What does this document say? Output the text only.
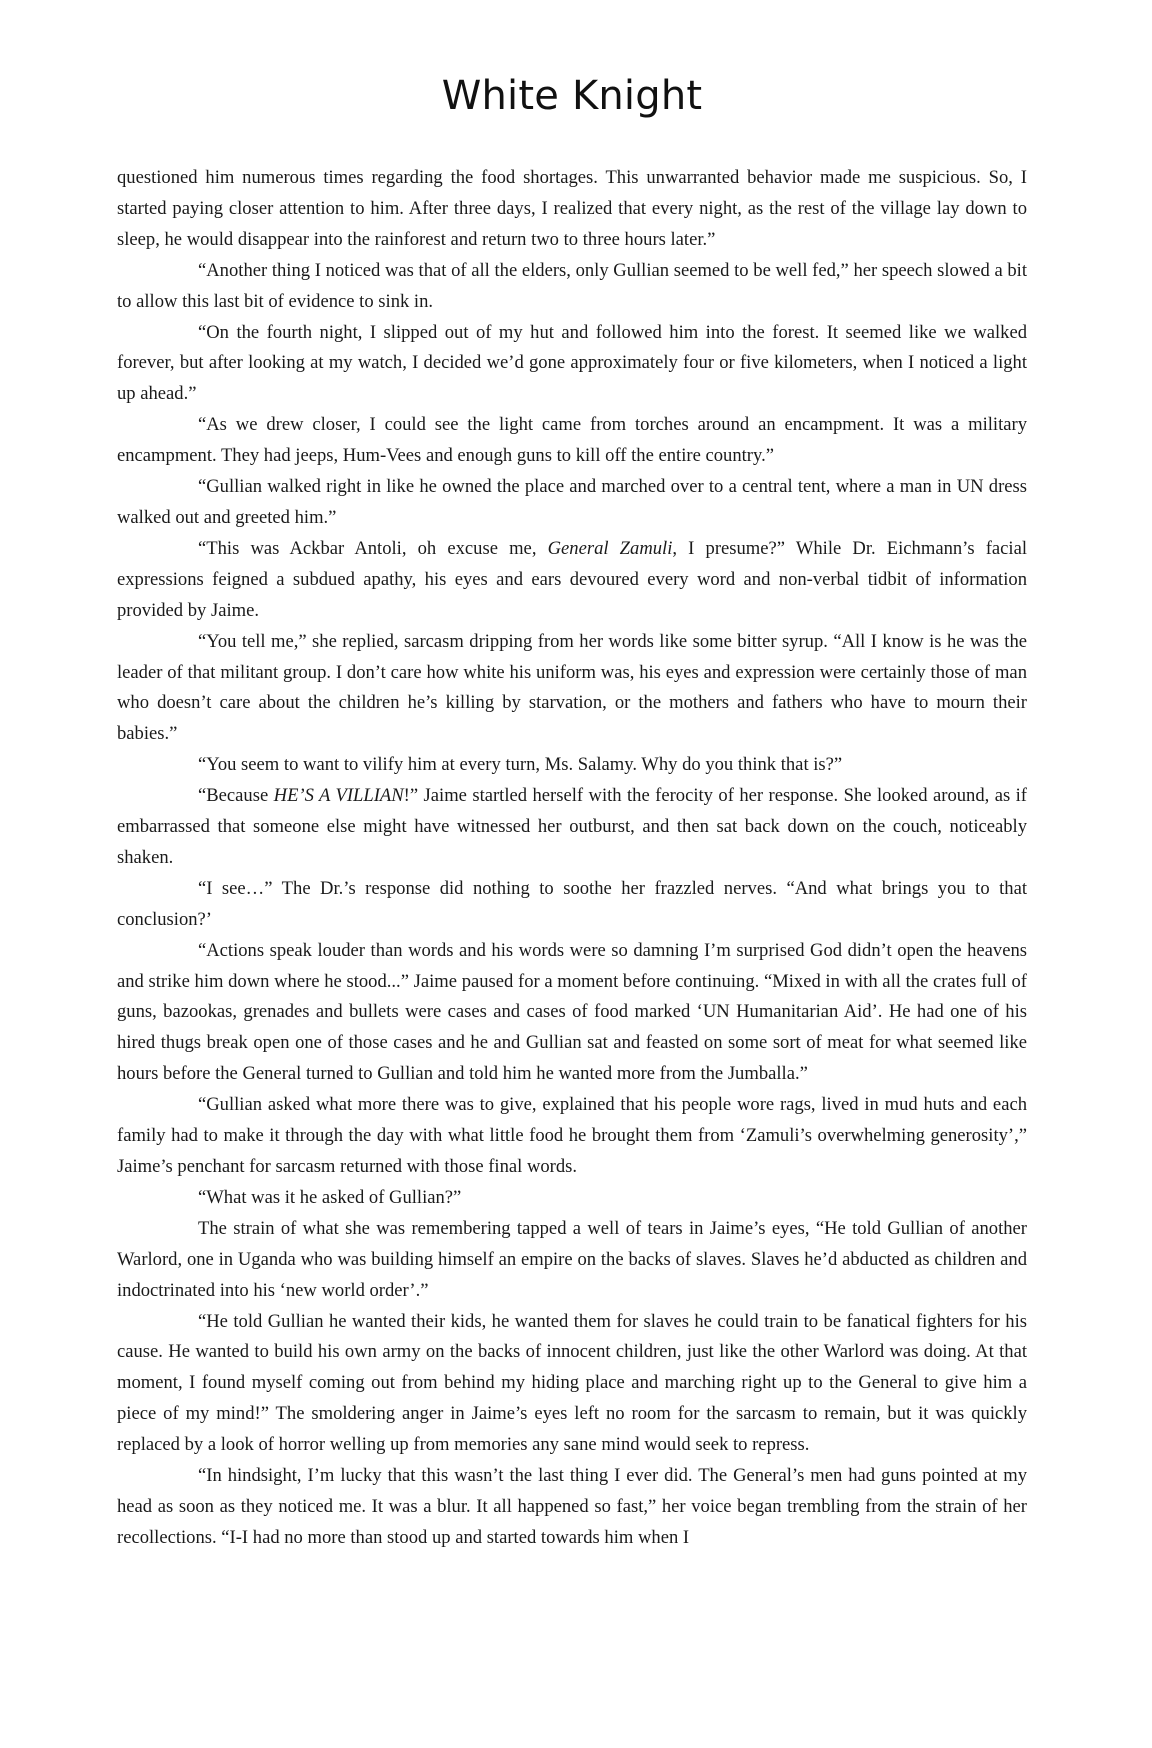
White Knight

questioned him numerous times regarding the food shortages. This unwarranted behavior made me suspicious. So, I started paying closer attention to him. After three days, I realized that every night, as the rest of the village lay down to sleep, he would disappear into the rainforest and return two to three hours later.”

“Another thing I noticed was that of all the elders, only Gullian seemed to be well fed,” her speech slowed a bit to allow this last bit of evidence to sink in.

“On the fourth night, I slipped out of my hut and followed him into the forest. It seemed like we walked forever, but after looking at my watch, I decided we’d gone approximately four or five kilometers, when I noticed a light up ahead.”

“As we drew closer, I could see the light came from torches around an encampment. It was a military encampment. They had jeeps, Hum-Vees and enough guns to kill off the entire country.”

“Gullian walked right in like he owned the place and marched over to a central tent, where a man in UN dress walked out and greeted him.”

“This was Ackbar Antoli, oh excuse me, General Zamuli, I presume?” While Dr. Eichmann’s facial expressions feigned a subdued apathy, his eyes and ears devoured every word and non-verbal tidbit of information provided by Jaime.

“You tell me,” she replied, sarcasm dripping from her words like some bitter syrup. “All I know is he was the leader of that militant group. I don’t care how white his uniform was, his eyes and expression were certainly those of man who doesn’t care about the children he’s killing by starvation, or the mothers and fathers who have to mourn their babies.”

“You seem to want to vilify him at every turn, Ms. Salamy. Why do you think that is?”

“Because HE’S A VILLIAN!” Jaime startled herself with the ferocity of her response. She looked around, as if embarrassed that someone else might have witnessed her outburst, and then sat back down on the couch, noticeably shaken.

“I see…” The Dr.’s response did nothing to soothe her frazzled nerves. “And what brings you to that conclusion?’

“Actions speak louder than words and his words were so damning I’m surprised God didn’t open the heavens and strike him down where he stood...” Jaime paused for a moment before continuing. “Mixed in with all the crates full of guns, bazookas, grenades and bullets were cases and cases of food marked ‘UN Humanitarian Aid’. He had one of his hired thugs break open one of those cases and he and Gullian sat and feasted on some sort of meat for what seemed like hours before the General turned to Gullian and told him he wanted more from the Jumballa.”

“Gullian asked what more there was to give, explained that his people wore rags, lived in mud huts and each family had to make it through the day with what little food he brought them from ‘Zamuli’s overwhelming generosity’,” Jaime’s penchant for sarcasm returned with those final words.

“What was it he asked of Gullian?”

The strain of what she was remembering tapped a well of tears in Jaime’s eyes, “He told Gullian of another Warlord, one in Uganda who was building himself an empire on the backs of slaves. Slaves he’d abducted as children and indoctrinated into his ‘new world order’.”

“He told Gullian he wanted their kids, he wanted them for slaves he could train to be fanatical fighters for his cause. He wanted to build his own army on the backs of innocent children, just like the other Warlord was doing. At that moment, I found myself coming out from behind my hiding place and marching right up to the General to give him a piece of my mind!” The smoldering anger in Jaime’s eyes left no room for the sarcasm to remain, but it was quickly replaced by a look of horror welling up from memories any sane mind would seek to repress.

“In hindsight, I’m lucky that this wasn’t the last thing I ever did. The General’s men had guns pointed at my head as soon as they noticed me. It was a blur. It all happened so fast,” her voice began trembling from the strain of her recollections. “I-I had no more than stood up and started towards him when I
